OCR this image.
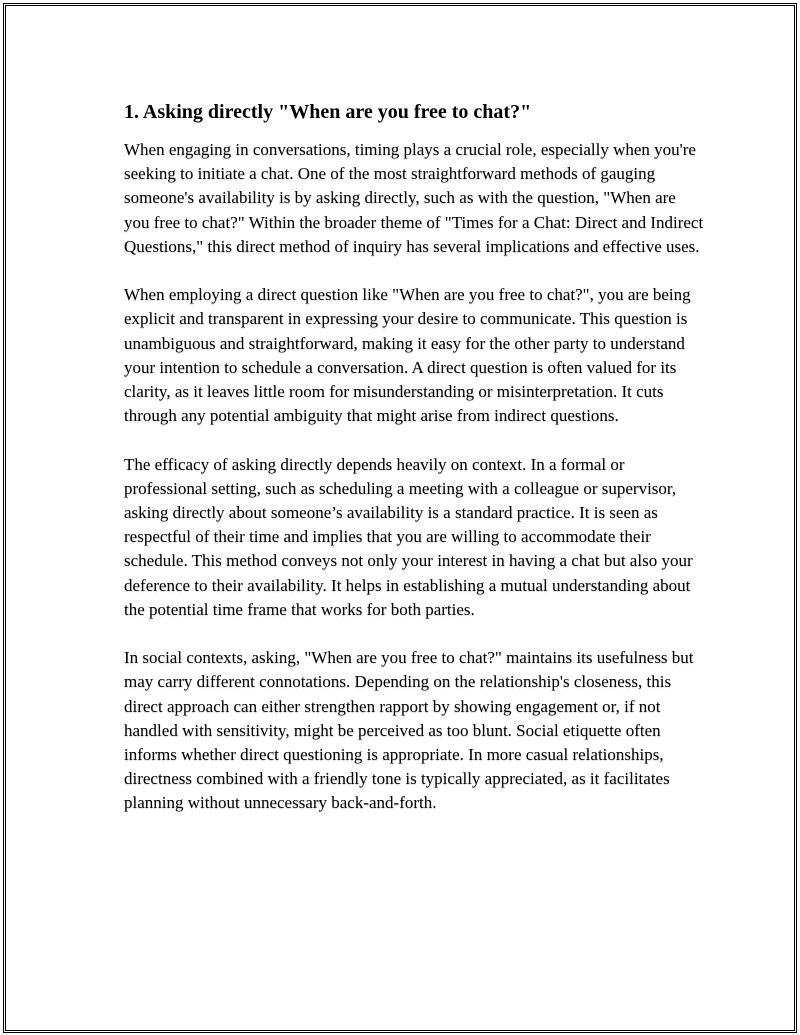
1. Asking directly "When are you free to chat?"

When engaging in conversations, timing plays a crucial role, especially when you're seeking to initiate a chat. One of the most straightforward methods of gauging someone's availability is by asking directly, such as with the question, "When are you free to chat?" Within the broader theme of "Times for a Chat: Direct and Indirect Questions," this direct method of inquiry has several implications and effective uses.

When employing a direct question like "When are you free to chat?", you are being explicit and transparent in expressing your desire to communicate. This question is unambiguous and straightforward, making it easy for the other party to understand your intention to schedule a conversation. A direct question is often valued for its clarity, as it leaves little room for misunderstanding or misinterpretation. It cuts through any potential ambiguity that might arise from indirect questions.

The efficacy of asking directly depends heavily on context. In a formal or professional setting, such as scheduling a meeting with a colleague or supervisor, asking directly about someone’s availability is a standard practice. It is seen as respectful of their time and implies that you are willing to accommodate their schedule. This method conveys not only your interest in having a chat but also your deference to their availability. It helps in establishing a mutual understanding about the potential time frame that works for both parties.

In social contexts, asking, "When are you free to chat?" maintains its usefulness but may carry different connotations. Depending on the relationship's closeness, this direct approach can either strengthen rapport by showing engagement or, if not handled with sensitivity, might be perceived as too blunt. Social etiquette often informs whether direct questioning is appropriate. In more casual relationships, directness combined with a friendly tone is typically appreciated, as it facilitates planning without unnecessary back-and-forth.
